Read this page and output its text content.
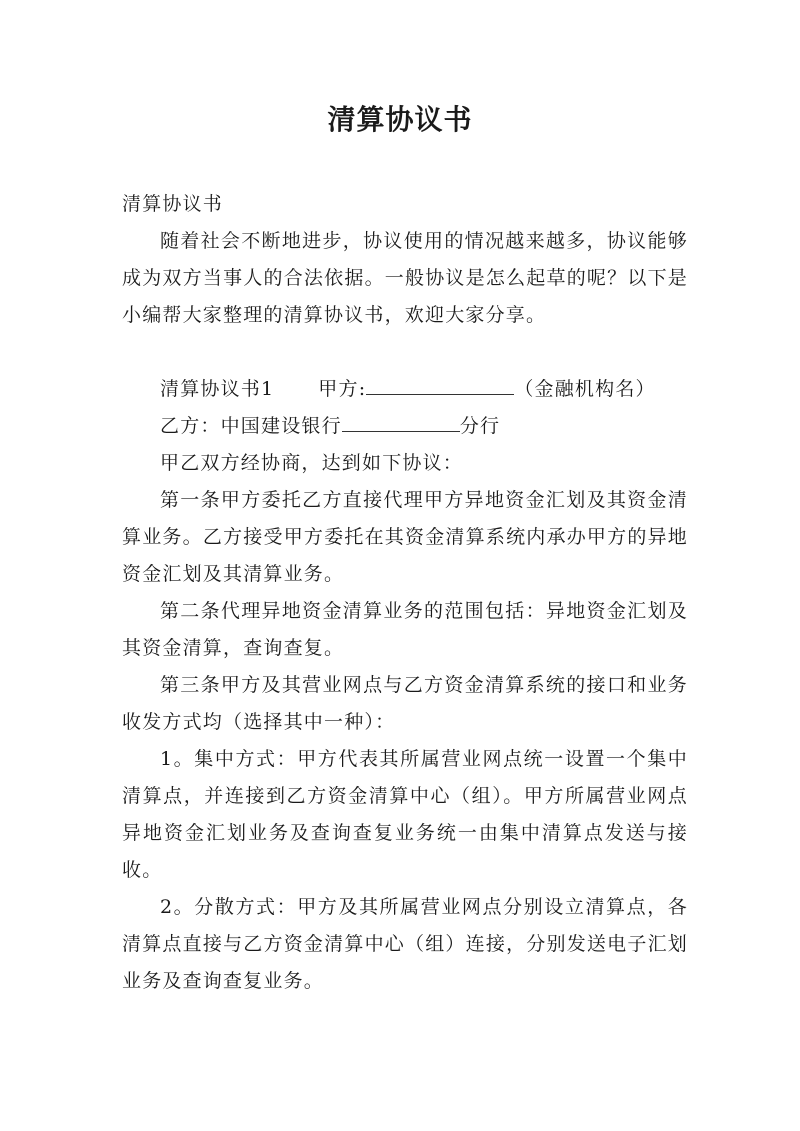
清算协议书

清算协议书

随着社会不断地进步，协议使用的情况越来越多，协议能够成为双方当事人的合法依据。一般协议是怎么起草的呢？以下是小编帮大家整理的清算协议书，欢迎大家分享。

清算协议书1 甲方:	（金融机构名）

乙方：中国建设银行	分行

甲乙双方经协商，达到如下协议：

第一条甲方委托乙方直接代理甲方异地资金汇划及其资金清算业务。乙方接受甲方委托在其资金清算系统内承办甲方的异地资金汇划及其清算业务。

第二条代理异地资金清算业务的范围包括：异地资金汇划及其资金清算，查询查复。

第三条甲方及其营业网点与乙方资金清算系统的接口和业务收发方式均（选择其中一种）：

1。集中方式：甲方代表其所属营业网点统一设置一个集中清算点，并连接到乙方资金清算中心（组）。甲方所属营业网点异地资金汇划业务及查询查复业务统一由集中清算点发送与接收。

2。分散方式：甲方及其所属营业网点分别设立清算点，各清算点直接与乙方资金清算中心（组）连接，分别发送电子汇划业务及查询查复业务。
